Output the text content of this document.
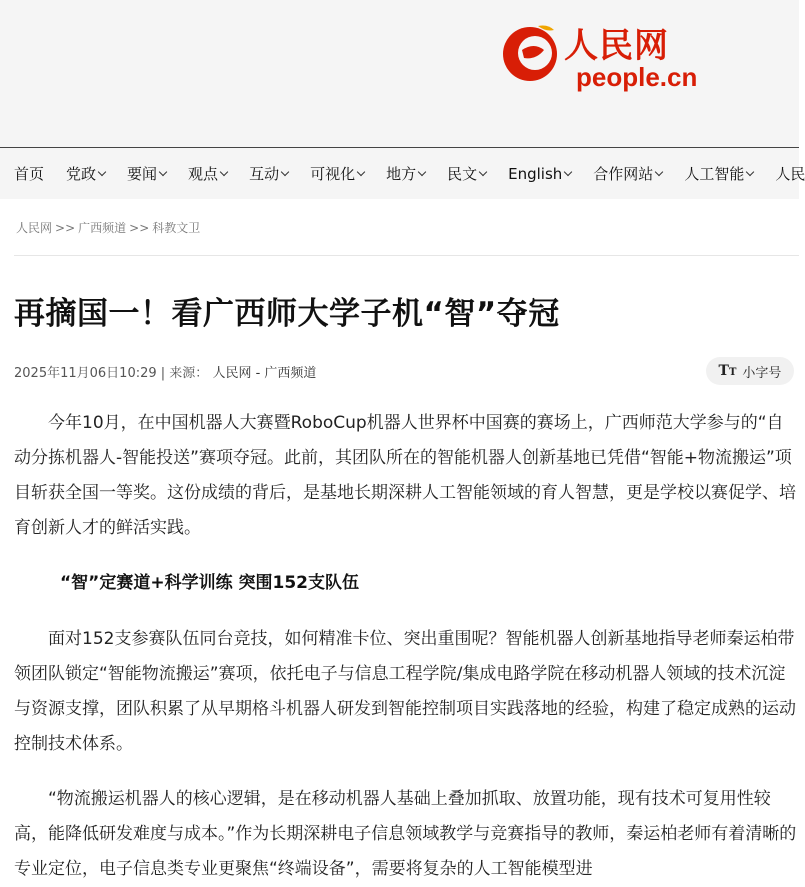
人民网
people.cn
首页 党政 要闻 观点 互动 可视化 地方 民文 English 合作网站 人工智能 人民
人民网 >> 广西频道 >> 科教文卫
再摘国一！看广西师大学子机“智”夺冠
2025年11月06日10:29 | 来源： 人民网 - 广西频道	TT 小字号

今年10月，在中国机器人大赛暨RoboCup机器人世界杯中国赛的赛场上，广西师范大学参与的“自动分拣机器人-智能投送”赛项夺冠。此前，其团队所在的智能机器人创新基地已凭借“智能+物流搬运”项目斩获全国一等奖。这份成绩的背后，是基地长期深耕人工智能领域的育人智慧，更是学校以赛促学、培育创新人才的鲜活实践。

“智”定赛道+科学训练 突围152支队伍

面对152支参赛队伍同台竞技，如何精准卡位、突出重围呢？智能机器人创新基地指导老师秦运柏带领团队锁定“智能物流搬运”赛项，依托电子与信息工程学院/集成电路学院在移动机器人领域的技术沉淀与资源支撑，团队积累了从早期格斗机器人研发到智能控制项目实践落地的经验，构建了稳定成熟的运动控制技术体系。

“物流搬运机器人的核心逻辑，是在移动机器人基础上叠加抓取、放置功能，现有技术可复用性较高，能降低研发难度与成本。”作为长期深耕电子信息领域教学与竞赛指导的教师，秦运柏老师有着清晰的专业定位，电子信息类专业更聚焦“终端设备”，需要将复杂的人工智能模型进
